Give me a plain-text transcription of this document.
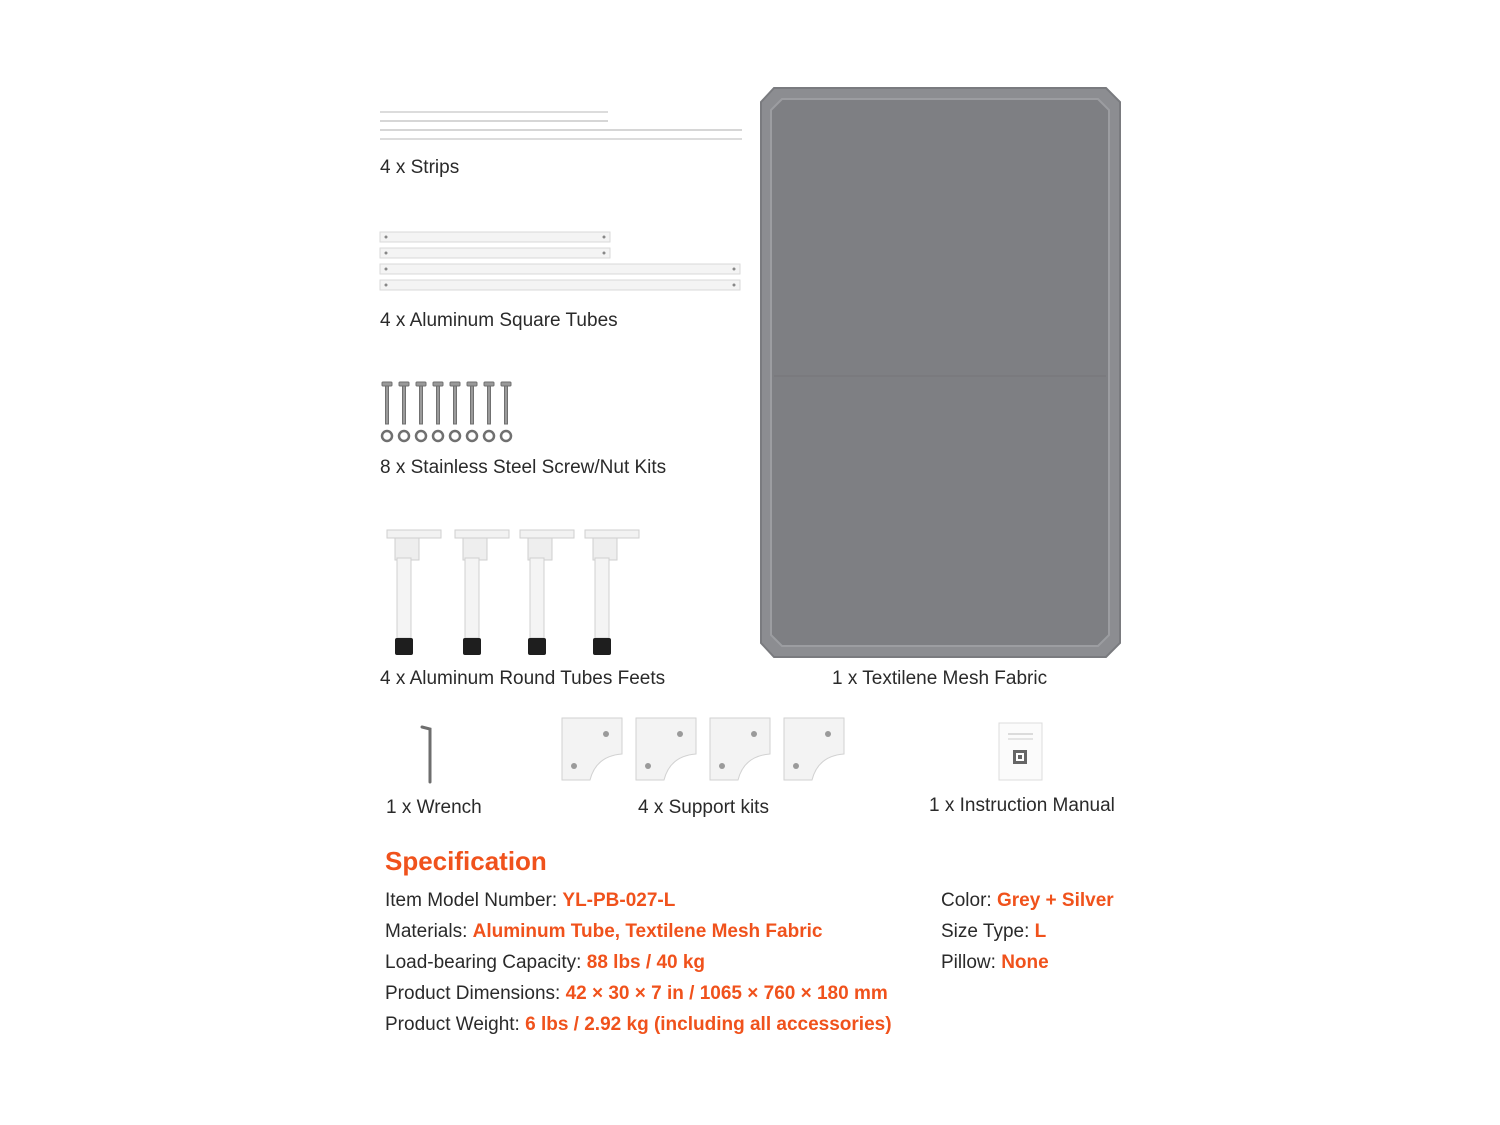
4 x Strips
4 x Aluminum Square Tubes
8 x Stainless Steel Screw/Nut Kits
4 x Aluminum Round Tubes Feets	1 x Textilene Mesh Fabric
1 x Wrench	4 x Support kits	1 x Instruction Manual
Specification
Item Model Number: YL-PB-027-L
Materials: Aluminum Tube, Textilene Mesh Fabric
Load-bearing Capacity: 88 lbs / 40 kg
Product Dimensions: 42 × 30 × 7 in / 1065 × 760 × 180 mm
Product Weight: 6 lbs / 2.92 kg (including all accessories)
Color: Grey + Silver
Size Type: L
Pillow: None
